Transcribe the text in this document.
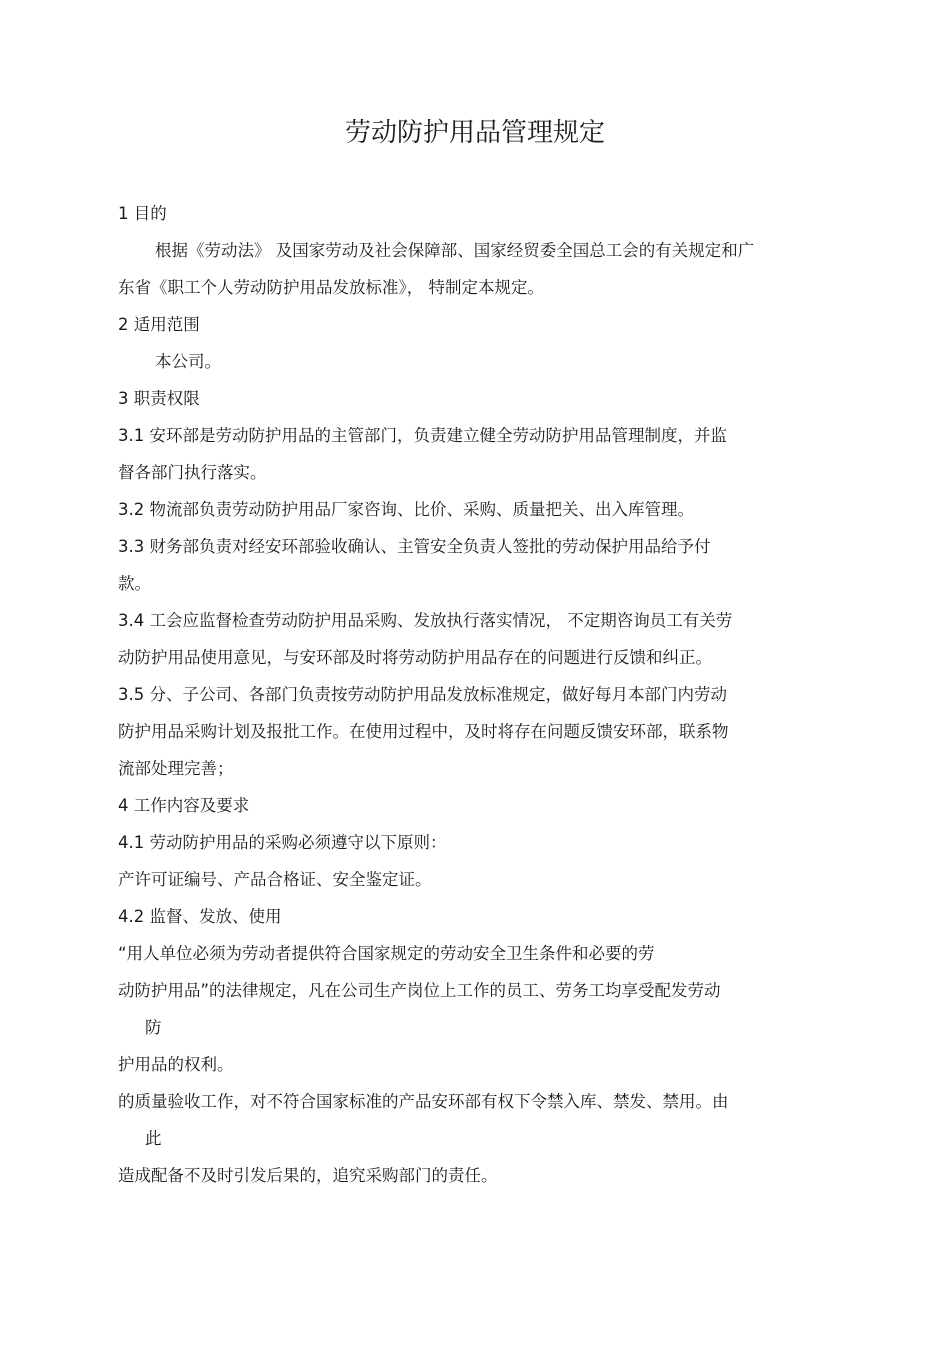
劳动防护用品管理规定
1 目的
根据《劳动法》 及国家劳动及社会保障部、国家经贸委全国总工会的有关规定和广
东省《职工个人劳动防护用品发放标准》， 特制定本规定。
2 适用范围
本公司。
3 职责权限
3.1 安环部是劳动防护用品的主管部门，负责建立健全劳动防护用品管理制度，并监
督各部门执行落实。
3.2 物流部负责劳动防护用品厂家咨询、比价、采购、质量把关、出入库管理。
3.3 财务部负责对经安环部验收确认、主管安全负责人签批的劳动保护用品给予付
款。
3.4 工会应监督检查劳动防护用品采购、发放执行落实情况， 不定期咨询员工有关劳
动防护用品使用意见，与安环部及时将劳动防护用品存在的问题进行反馈和纠正。
3.5 分、子公司、各部门负责按劳动防护用品发放标准规定，做好每月本部门内劳动
防护用品采购计划及报批工作。在使用过程中，及时将存在问题反馈安环部，联系物
流部处理完善；
4 工作内容及要求
4.1 劳动防护用品的采购必须遵守以下原则：
产许可证编号、产品合格证、安全鉴定证。
4.2 监督、发放、使用
“用人单位必须为劳动者提供符合国家规定的劳动安全卫生条件和必要的劳
动防护用品”的法律规定，凡在公司生产岗位上工作的员工、劳务工均享受配发劳动
防
护用品的权利。
的质量验收工作，对不符合国家标准的产品安环部有权下令禁入库、禁发、禁用。由
此
造成配备不及时引发后果的，追究采购部门的责任。
